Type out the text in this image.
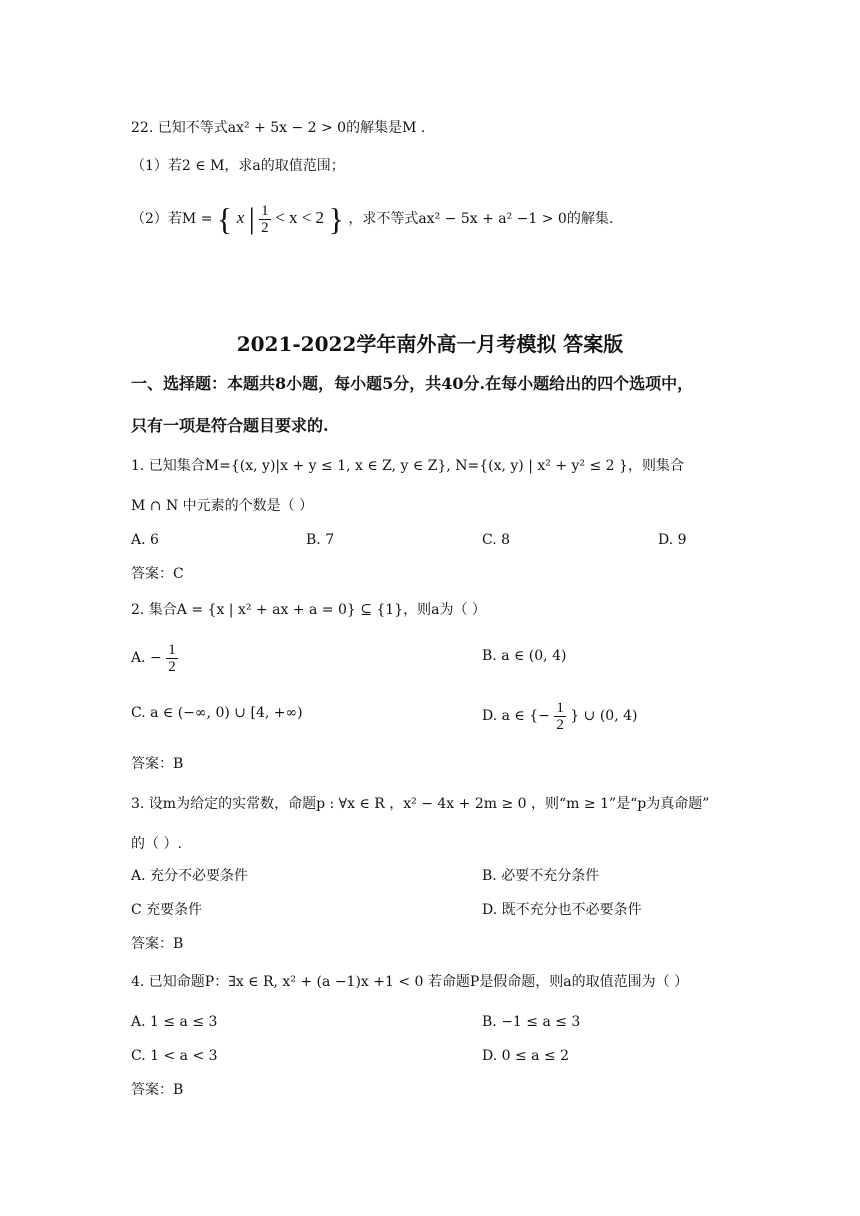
22. 已知不等式ax² + 5x − 2 > 0的解集是M .
（1）若2 ∈ M，求a的取值范围；
（2）若M = { x | $\frac{1}{2} < x < 2$ } ，求不等式ax² − 5x + a² −1 > 0的解集.
2021-2022学年南外高一月考模拟 答案版
一、选择题：本题共8小题，每小题5分，共40分.在每小题给出的四个选项中，
只有一项是符合题目要求的.
1. 已知集合M={(x, y)|x + y ≤ 1, x ∈ Z, y ∈ Z}, N={(x, y) | x² + y² ≤ 2 }，则集合
M ∩ N 中元素的个数是（ ）
A. 6	B. 7	C. 8	D. 9
答案：C
2. 集合A = {x | x² + ax + a = 0} ⊆ {1}，则a为（ ）
A. − $\frac{1}{2}$	B. a ∈ (0, 4)
C. a ∈ (−∞, 0) ∪ [4, +∞)	D. a ∈ {− $\frac{1}{2}$ } ∪ (0, 4)
答案：B
3. 设m为给定的实常数，命题p : ∀x ∈ R ，x² − 4x + 2m ≥ 0 ，则“m ≥ 1”是“p为真命题”
的（ ）.
A. 充分不必要条件	B. 必要不充分条件
C 充要条件	D. 既不充分也不必要条件
答案：B
4. 已知命题P：∃x ∈ R, x² + (a −1)x +1 < 0 若命题P是假命题，则a的取值范围为（ ）
A. 1 ≤ a ≤ 3	B. −1 ≤ a ≤ 3
C. 1 < a < 3	D. 0 ≤ a ≤ 2
答案：B
